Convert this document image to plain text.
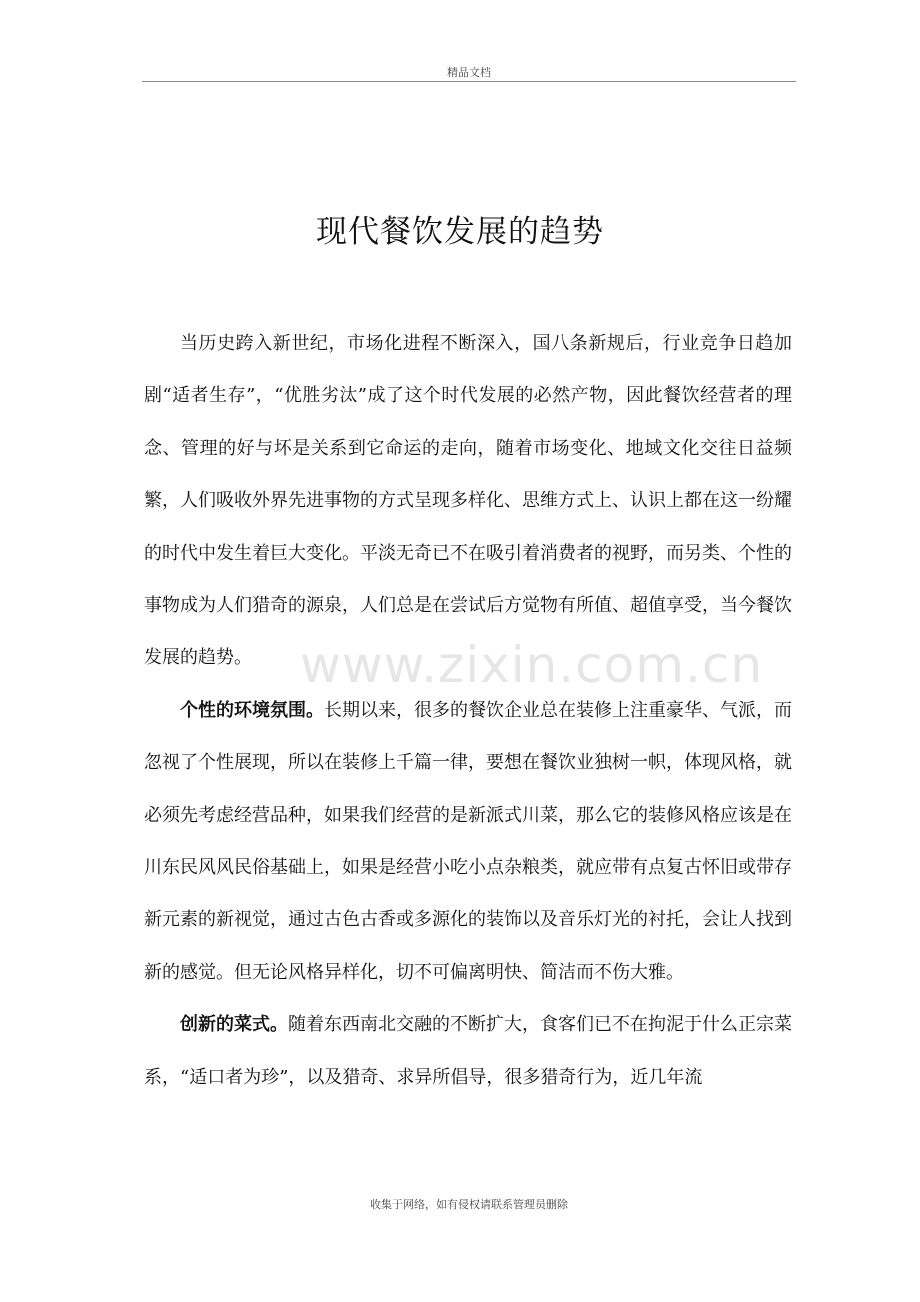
精品文档
现代餐饮发展的趋势

当历史跨入新世纪，市场化进程不断深入，国八条新规后，行业竞争日趋加剧“适者生存”，“优胜劣汰”成了这个时代发展的必然产物，因此餐饮经营者的理念、管理的好与坏是关系到它命运的走向，随着市场变化、地域文化交往日益频繁，人们吸收外界先进事物的方式呈现多样化、思维方式上、认识上都在这一纷耀的时代中发生着巨大变化。平淡无奇已不在吸引着消费者的视野，而另类、个性的事物成为人们猎奇的源泉，人们总是在尝试后方觉物有所值、超值享受，当今餐饮发展的趋势。

个性的环境氛围。长期以来，很多的餐饮企业总在装修上注重豪华、气派，而忽视了个性展现，所以在装修上千篇一律，要想在餐饮业独树一帜，体现风格，就必须先考虑经营品种，如果我们经营的是新派式川菜，那么它的装修风格应该是在川东民风风民俗基础上，如果是经营小吃小点杂粮类，就应带有点复古怀旧或带存新元素的新视觉，通过古色古香或多源化的装饰以及音乐灯光的衬托，会让人找到新的感觉。但无论风格异样化，切不可偏离明快、简洁而不伤大雅。

创新的菜式。随着东西南北交融的不断扩大，食客们已不在拘泥于什么正宗菜系，“适口者为珍”，以及猎奇、求异所倡导，很多猎奇行为，近几年流

www.zixin.com.cn
收集于网络，如有侵权请联系管理员删除
